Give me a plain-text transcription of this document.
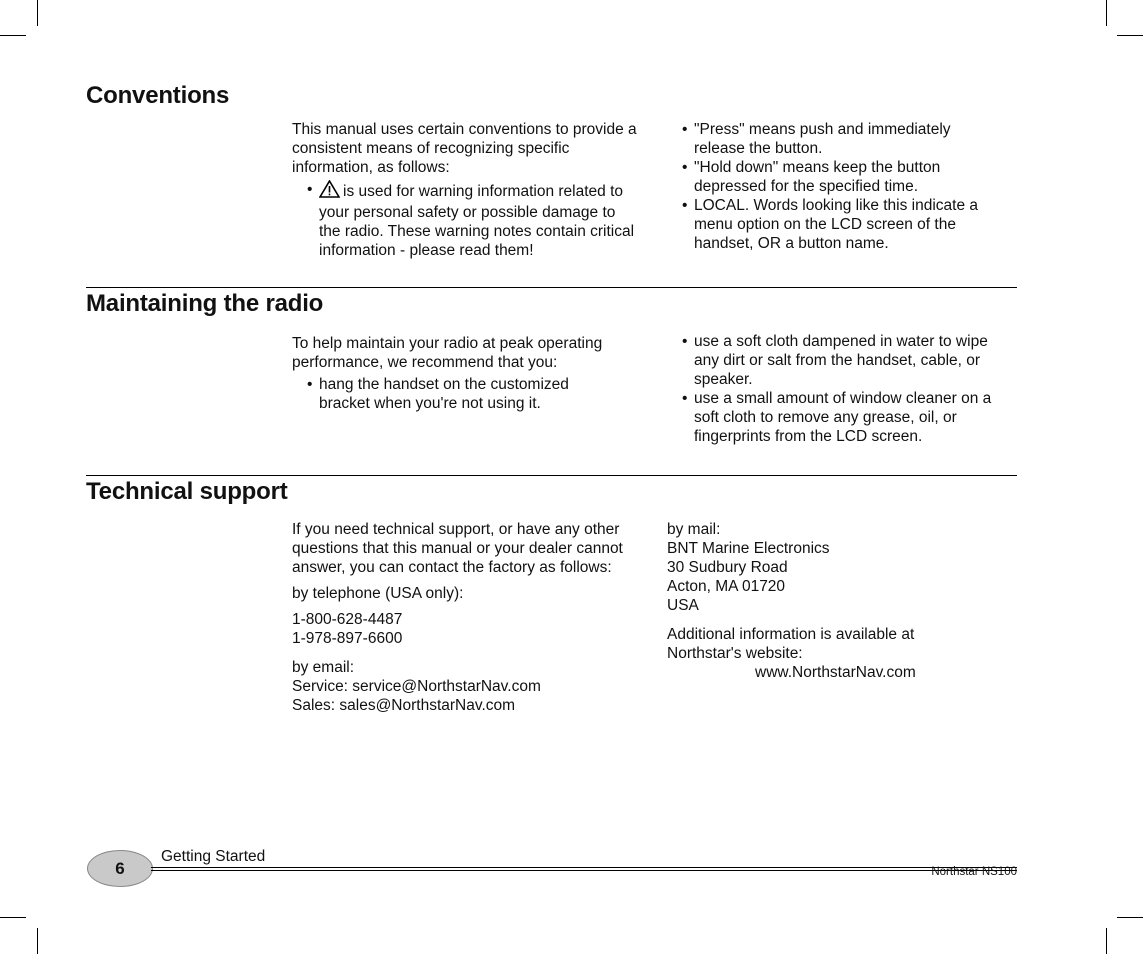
Conventions

This manual uses certain conventions to provide a consistent means of recognizing specific information, as follows:

• is used for warning information related to your personal safety or possible damage to the radio. These warning notes contain critical information - please read them!
• "Press" means push and immediately release the button.
• "Hold down" means keep the button depressed for the specified time.
• LOCAL. Words looking like this indicate a menu option on the LCD screen of the handset, OR a button name.
Maintaining the radio

To help maintain your radio at peak operating performance, we recommend that you:

• hang the handset on the customized bracket when you're not using it.
• use a soft cloth dampened in water to wipe any dirt or salt from the handset, cable, or speaker.
• use a small amount of window cleaner on a soft cloth to remove any grease, oil, or fingerprints from the LCD screen.
Technical support

If you need technical support, or have any other questions that this manual or your dealer cannot answer, you can contact the factory as follows:

by telephone (USA only):

1-800-628-4487

1-978-897-6600

by email:

Service: service@NorthstarNav.com

Sales: sales@NorthstarNav.com

by mail:

BNT Marine Electronics

30 Sudbury Road

Acton, MA 01720

USA

Additional information is available at Northstar's website:

www.NorthstarNav.com

6
Getting Started
Northstar NS100
